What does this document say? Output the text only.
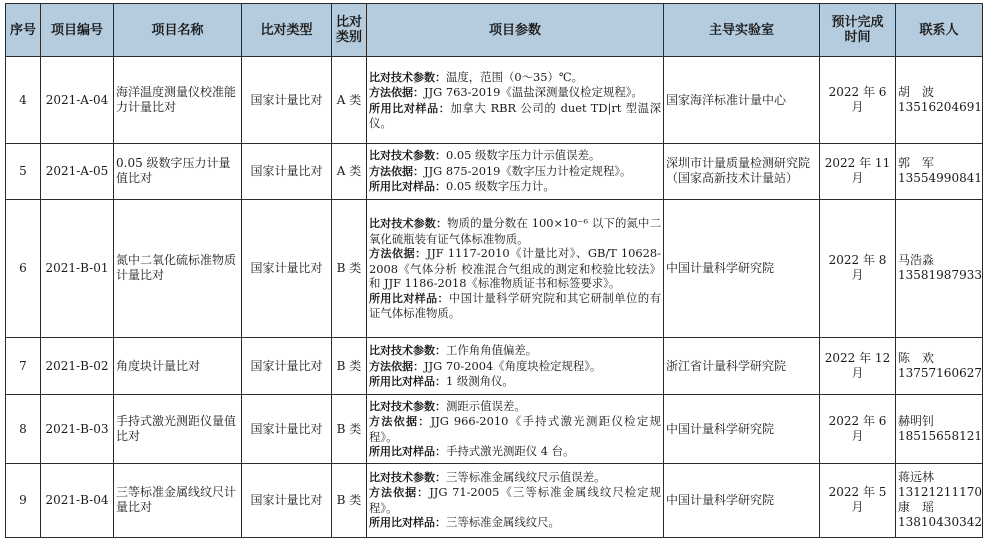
序号	项目编号	项目名称	比对类型	比对类别	项目参数	主导实验室	预计完成时间	联系人
4	2021-A-04	海洋温度测量仪校准能力计量比对	国家计量比对	A 类	比对技术参数：温度，范围（0～35）℃。
方法依据：JJG 763-2019《温盐深测量仪检定规程》。
所用比对样品：加拿大 RBR 公司的 duet TD|rt 型温深仪。	国家海洋标准计量中心	2022 年 6 月	胡　波
13516204691

5	2021-A-05	0.05 级数字压力计量值比对	国家计量比对	A 类	比对技术参数：0.05 级数字压力计示值误差。
方法依据：JJG 875-2019《数字压力计检定规程》。
所用比对样品：0.05 级数字压力计。	深圳市计量质量检测研究院（国家高新技术计量站）	2022 年 11 月	郭　军
13554990841

6	2021-B-01	氮中二氧化硫标准物质计量比对	国家计量比对	B 类	比对技术参数：物质的量分数在 100×10⁻⁶ 以下的氮中二氧化硫瓶装有证气体标准物质。
方法依据：JJF 1117-2010《计量比对》、GB/T 10628-2008《气体分析 校准混合气组成的测定和校验比较法》和 JJF 1186-2018《标准物质证书和标签要求》。
所用比对样品：中国计量科学研究院和其它研制单位的有证气体标准物质。	中国计量科学研究院	2022 年 8 月	马浩淼
13581987933

7	2021-B-02	角度块计量比对	国家计量比对	B 类	比对技术参数：工作角角值偏差。
方法依据：JJG 70-2004《角度块检定规程》。
所用比对样品：1 级测角仪。	浙江省计量科学研究院	2022 年 12 月	陈　欢
13757160627

8	2021-B-03	手持式激光测距仪量值比对	国家计量比对	B 类	比对技术参数：测距示值误差。
方法依据：JJG 966-2010《手持式激光测距仪检定规程》。
所用比对样品：手持式激光测距仪 4 台。	中国计量科学研究院	2022 年 6 月	赫明钊
18515658121

9	2021-B-04	三等标准金属线纹尺计量比对	国家计量比对	B 类	比对技术参数：三等标准金属线纹尺示值误差。
方法依据：JJG 71-2005《三等标准金属线纹尺检定规程》。
所用比对样品：三等标准金属线纹尺。	中国计量科学研究院	2022 年 5 月	蒋远林
13121211170
康　瑶
13810430342
